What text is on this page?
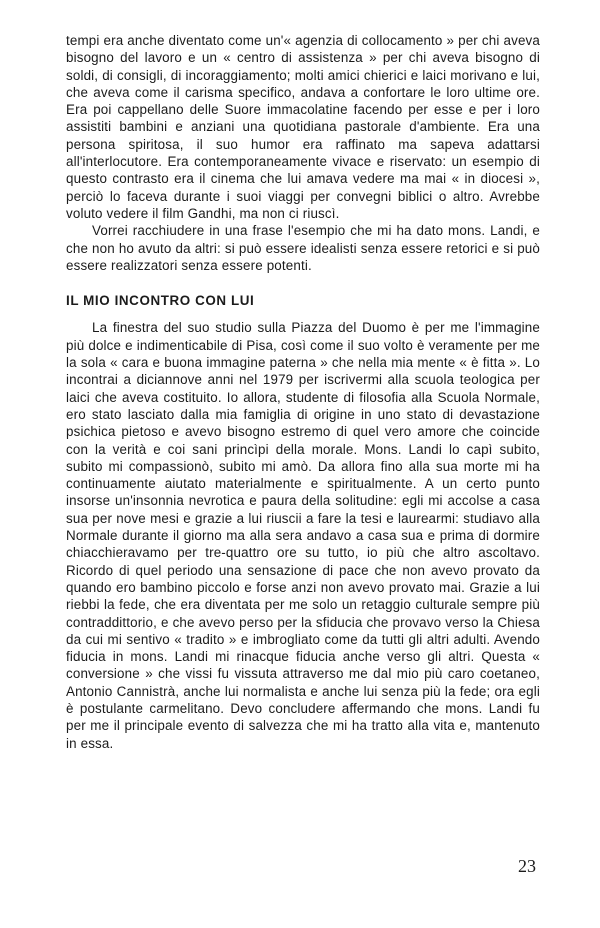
tempi era anche diventato come un'« agenzia di collocamento » per chi aveva bisogno del lavoro e un « centro di assistenza » per chi aveva bisogno di soldi, di consigli, di incoraggiamento; molti amici chierici e laici morivano e lui, che aveva come il carisma specifico, andava a confortare le loro ultime ore. Era poi cappellano delle Suore immacolatine facendo per esse e per i loro assistiti bambini e anziani una quotidiana pastorale d'ambiente. Era una persona spiritosa, il suo humor era raffinato ma sapeva adattarsi all'interlocutore. Era contemporaneamente vivace e riservato: un esempio di questo contrasto era il cinema che lui amava vedere ma mai « in diocesi », perciò lo faceva durante i suoi viaggi per convegni biblici o altro. Avrebbe voluto vedere il film Gandhi, ma non ci riuscì.

Vorrei racchiudere in una frase l'esempio che mi ha dato mons. Landi, e che non ho avuto da altri: si può essere idealisti senza essere retorici e si può essere realizzatori senza essere potenti.

IL MIO INCONTRO CON LUI

La finestra del suo studio sulla Piazza del Duomo è per me l'immagine più dolce e indimenticabile di Pisa, così come il suo volto è veramente per me la sola « cara e buona immagine paterna » che nella mia mente « è fitta ». Lo incontrai a diciannove anni nel 1979 per iscrivermi alla scuola teologica per laici che aveva costituito. Io allora, studente di filosofia alla Scuola Normale, ero stato lasciato dalla mia famiglia di origine in uno stato di devastazione psichica pietoso e avevo bisogno estremo di quel vero amore che coincide con la verità e coi sani princìpi della morale. Mons. Landi lo capì subito, subito mi compassionò, subito mi amò. Da allora fino alla sua morte mi ha continuamente aiutato materialmente e spiritualmente. A un certo punto insorse un'insonnia nevrotica e paura della solitudine: egli mi accolse a casa sua per nove mesi e grazie a lui riuscii a fare la tesi e laurearmi: studiavo alla Normale durante il giorno ma alla sera andavo a casa sua e prima di dormire chiacchieravamo per tre-quattro ore su tutto, io più che altro ascoltavo. Ricordo di quel periodo una sensazione di pace che non avevo provato da quando ero bambino piccolo e forse anzi non avevo provato mai. Grazie a lui riebbi la fede, che era diventata per me solo un retaggio culturale sempre più contraddittorio, e che avevo perso per la sfiducia che provavo verso la Chiesa da cui mi sentivo « tradito » e imbrogliato come da tutti gli altri adulti. Avendo fiducia in mons. Landi mi rinacque fiducia anche verso gli altri. Questa « conversione » che vissi fu vissuta attraverso me dal mio più caro coetaneo, Antonio Cannistrà, anche lui normalista e anche lui senza più la fede; ora egli è postulante carmelitano. Devo concludere affermando che mons. Landi fu per me il principale evento di salvezza che mi ha tratto alla vita e, mantenuto in essa.

23
